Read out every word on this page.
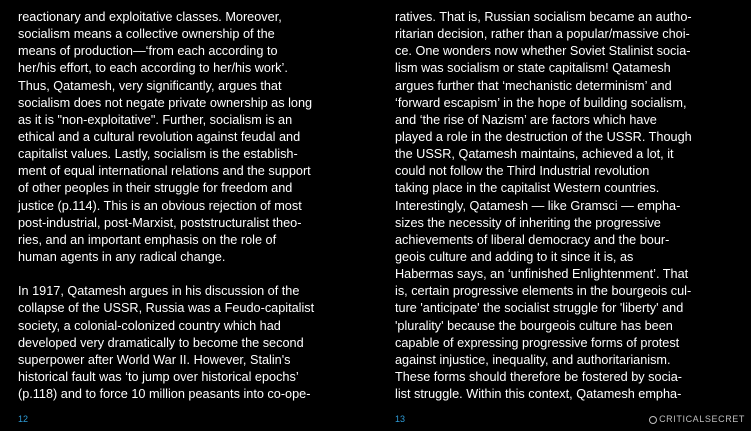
reactionary and exploitative classes. Moreover,
socialism means a collective ownership of the
means of production—‘from each according to
her/his effort, to each according to her/his work’.
Thus, Qatamesh, very significantly, argues that
socialism does not negate private ownership as long
as it is "non-exploitative". Further, socialism is an
ethical and a cultural revolution against feudal and
capitalist values. Lastly, socialism is the establish-
ment of equal international relations and the support
of other peoples in their struggle for freedom and
justice (p.114). This is an obvious rejection of most
post-industrial, post-Marxist, poststructuralist theo-
ries, and an important emphasis on the role of
human agents in any radical change.
In 1917, Qatamesh argues in his discussion of the
collapse of the USSR, Russia was a Feudo-capitalist
society, a colonial-colonized country which had
developed very dramatically to become the second
superpower after World War II. However, Stalin's
historical fault was ‘to jump over historical epochs’
(p.118) and to force 10 million peasants into co-ope-
12
ratives. That is, Russian socialism became an autho-
ritarian decision, rather than a popular/massive choi-
ce. One wonders now whether Soviet Stalinist socia-
lism was socialism or state capitalism! Qatamesh
argues further that ‘mechanistic determinism’ and
‘forward escapism’ in the hope of building socialism,
and ‘the rise of Nazism’ are factors which have
played a role in the destruction of the USSR. Though
the USSR, Qatamesh maintains, achieved a lot, it
could not follow the Third Industrial revolution
taking place in the capitalist Western countries.
Interestingly, Qatamesh — like Gramsci — empha-
sizes the necessity of inheriting the progressive
achievements of liberal democracy and the bour-
geois culture and adding to it since it is, as
Habermas says, an ‘unfinished Enlightenment’. That
is, certain progressive elements in the bourgeois cul-
ture 'anticipate' the socialist struggle for 'liberty' and
'plurality' because the bourgeois culture has been
capable of expressing progressive forms of protest
against injustice, inequality, and authoritarianism.
These forms should therefore be fostered by socia-
list struggle. Within this context, Qatamesh empha-
13	CRITICALSECRET
